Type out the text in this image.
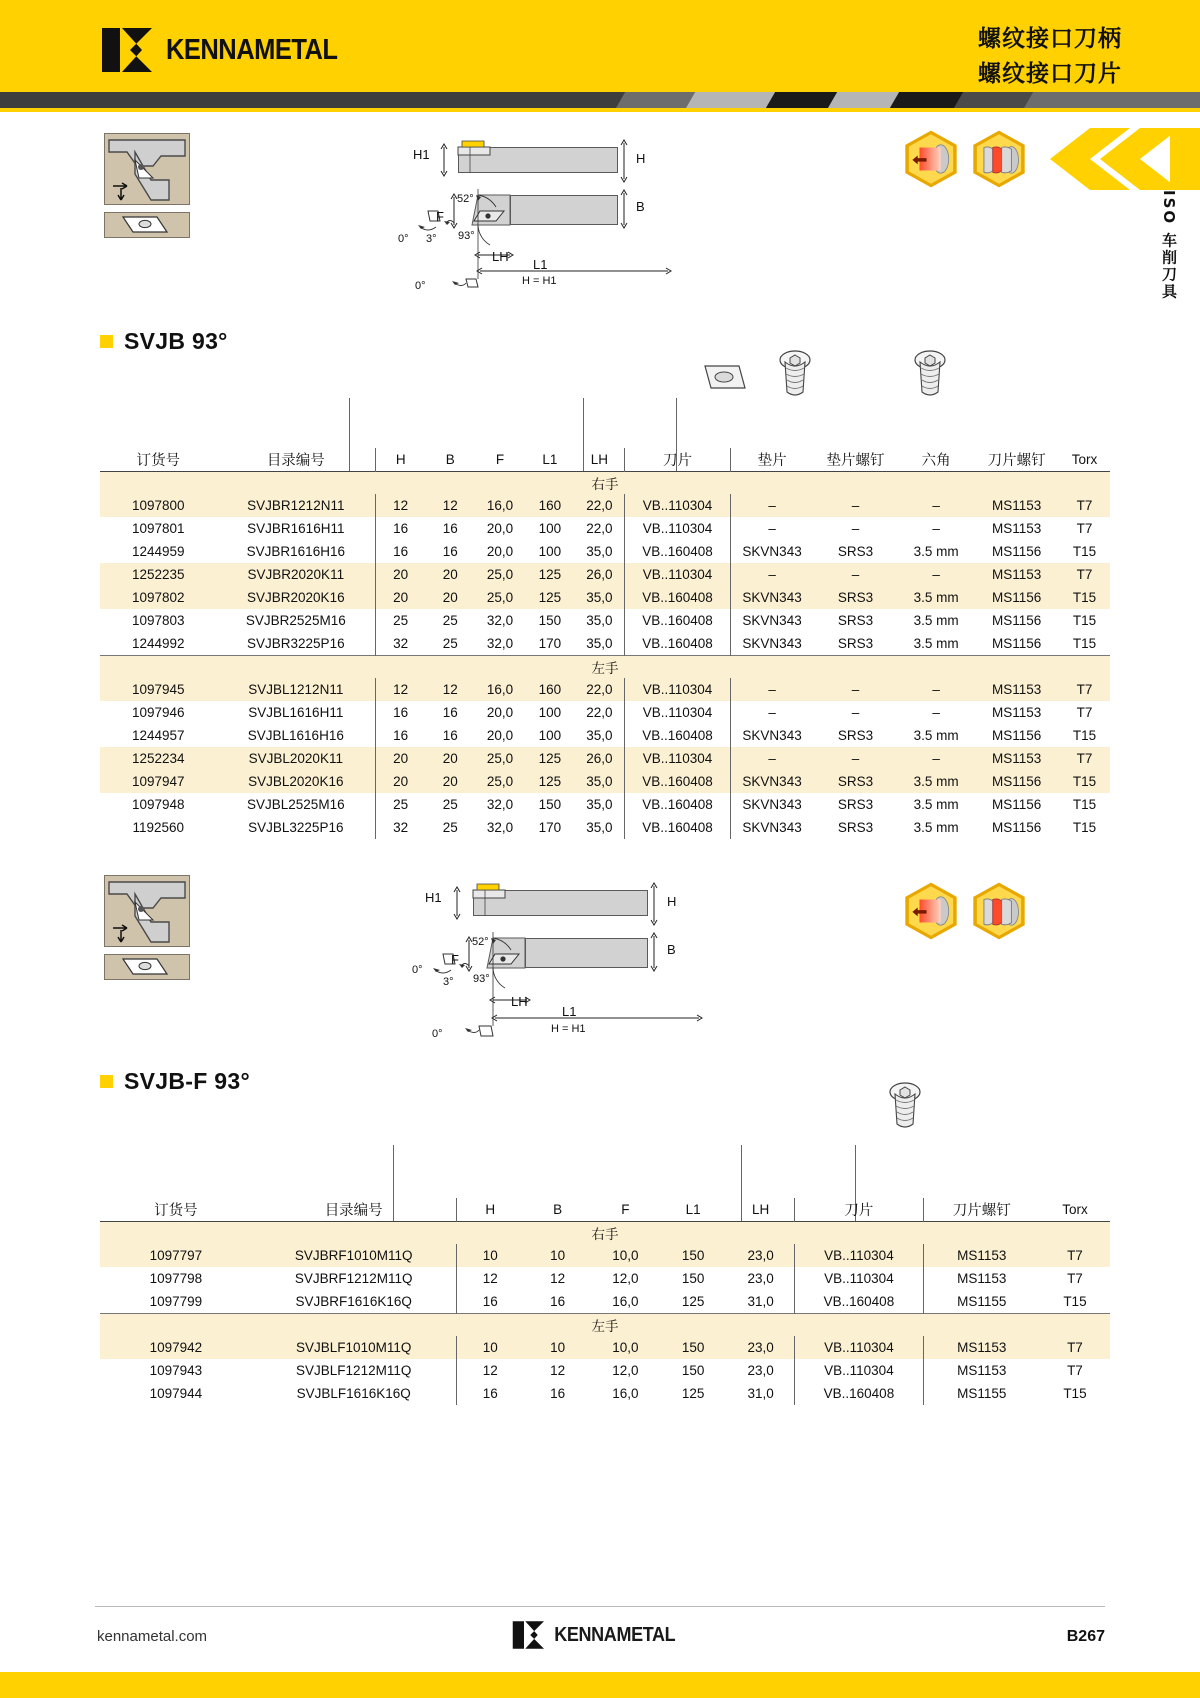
KENNAMETAL	螺纹接口刀柄
螺纹接口刀片
ISO 车削刀具
H1	H
F
52°
93°
0° 3°
LH
L1
0°	H = H1
B
SVJB 93°
订货号	目录编号	H	B	F	L1	LH	刀片	垫片	垫片螺钉	六角	刀片螺钉	Torx
右手												
1097800	SVJBR1212N11	12	12	16,0	160	22,0	VB..110304	–	–	–	MS1153	T7
1097801	SVJBR1616H11	16	16	20,0	100	22,0	VB..110304	–	–	–	MS1153	T7
1244959	SVJBR1616H16	16	16	20,0	100	35,0	VB..160408	SKVN343	SRS3	3.5 mm	MS1156	T15
1252235	SVJBR2020K11	20	20	25,0	125	26,0	VB..110304	–	–	–	MS1153	T7
1097802	SVJBR2020K16	20	20	25,0	125	35,0	VB..160408	SKVN343	SRS3	3.5 mm	MS1156	T15
1097803	SVJBR2525M16	25	25	32,0	150	35,0	VB..160408	SKVN343	SRS3	3.5 mm	MS1156	T15
1244992	SVJBR3225P16	32	25	32,0	170	35,0	VB..160408	SKVN343	SRS3	3.5 mm	MS1156	T15
左手												
1097945	SVJBL1212N11	12	12	16,0	160	22,0	VB..110304	–	–	–	MS1153	T7
1097946	SVJBL1616H11	16	16	20,0	100	22,0	VB..110304	–	–	–	MS1153	T7
1244957	SVJBL1616H16	16	16	20,0	100	35,0	VB..160408	SKVN343	SRS3	3.5 mm	MS1156	T15
1252234	SVJBL2020K11	20	20	25,0	125	26,0	VB..110304	–	–	–	MS1153	T7
1097947	SVJBL2020K16	20	20	25,0	125	35,0	VB..160408	SKVN343	SRS3	3.5 mm	MS1156	T15
1097948	SVJBL2525M16	25	25	32,0	150	35,0	VB..160408	SKVN343	SRS3	3.5 mm	MS1156	T15
1192560	SVJBL3225P16	32	25	32,0	170	35,0	VB..160408	SKVN343	SRS3	3.5 mm	MS1156	T15
H1	H
F
52°
93°
0°
3°
LH
L1
0°	H = H1
B
SVJB-F 93°
订货号	目录编号	H	B	F	L1	LH	刀片	刀片螺钉	Torx
右手									
1097797	SVJBRF1010M11Q	10	10	10,0	150	23,0	VB..110304	MS1153	T7
1097798	SVJBRF1212M11Q	12	12	12,0	150	23,0	VB..110304	MS1153	T7
1097799	SVJBRF1616K16Q	16	16	16,0	125	31,0	VB..160408	MS1155	T15
左手									
1097942	SVJBLF1010M11Q	10	10	10,0	150	23,0	VB..110304	MS1153	T7
1097943	SVJBLF1212M11Q	12	12	12,0	150	23,0	VB..110304	MS1153	T7
1097944	SVJBLF1616K16Q	16	16	16,0	125	31,0	VB..160408	MS1155	T15
kennametal.com	KENNAMETAL	B267
